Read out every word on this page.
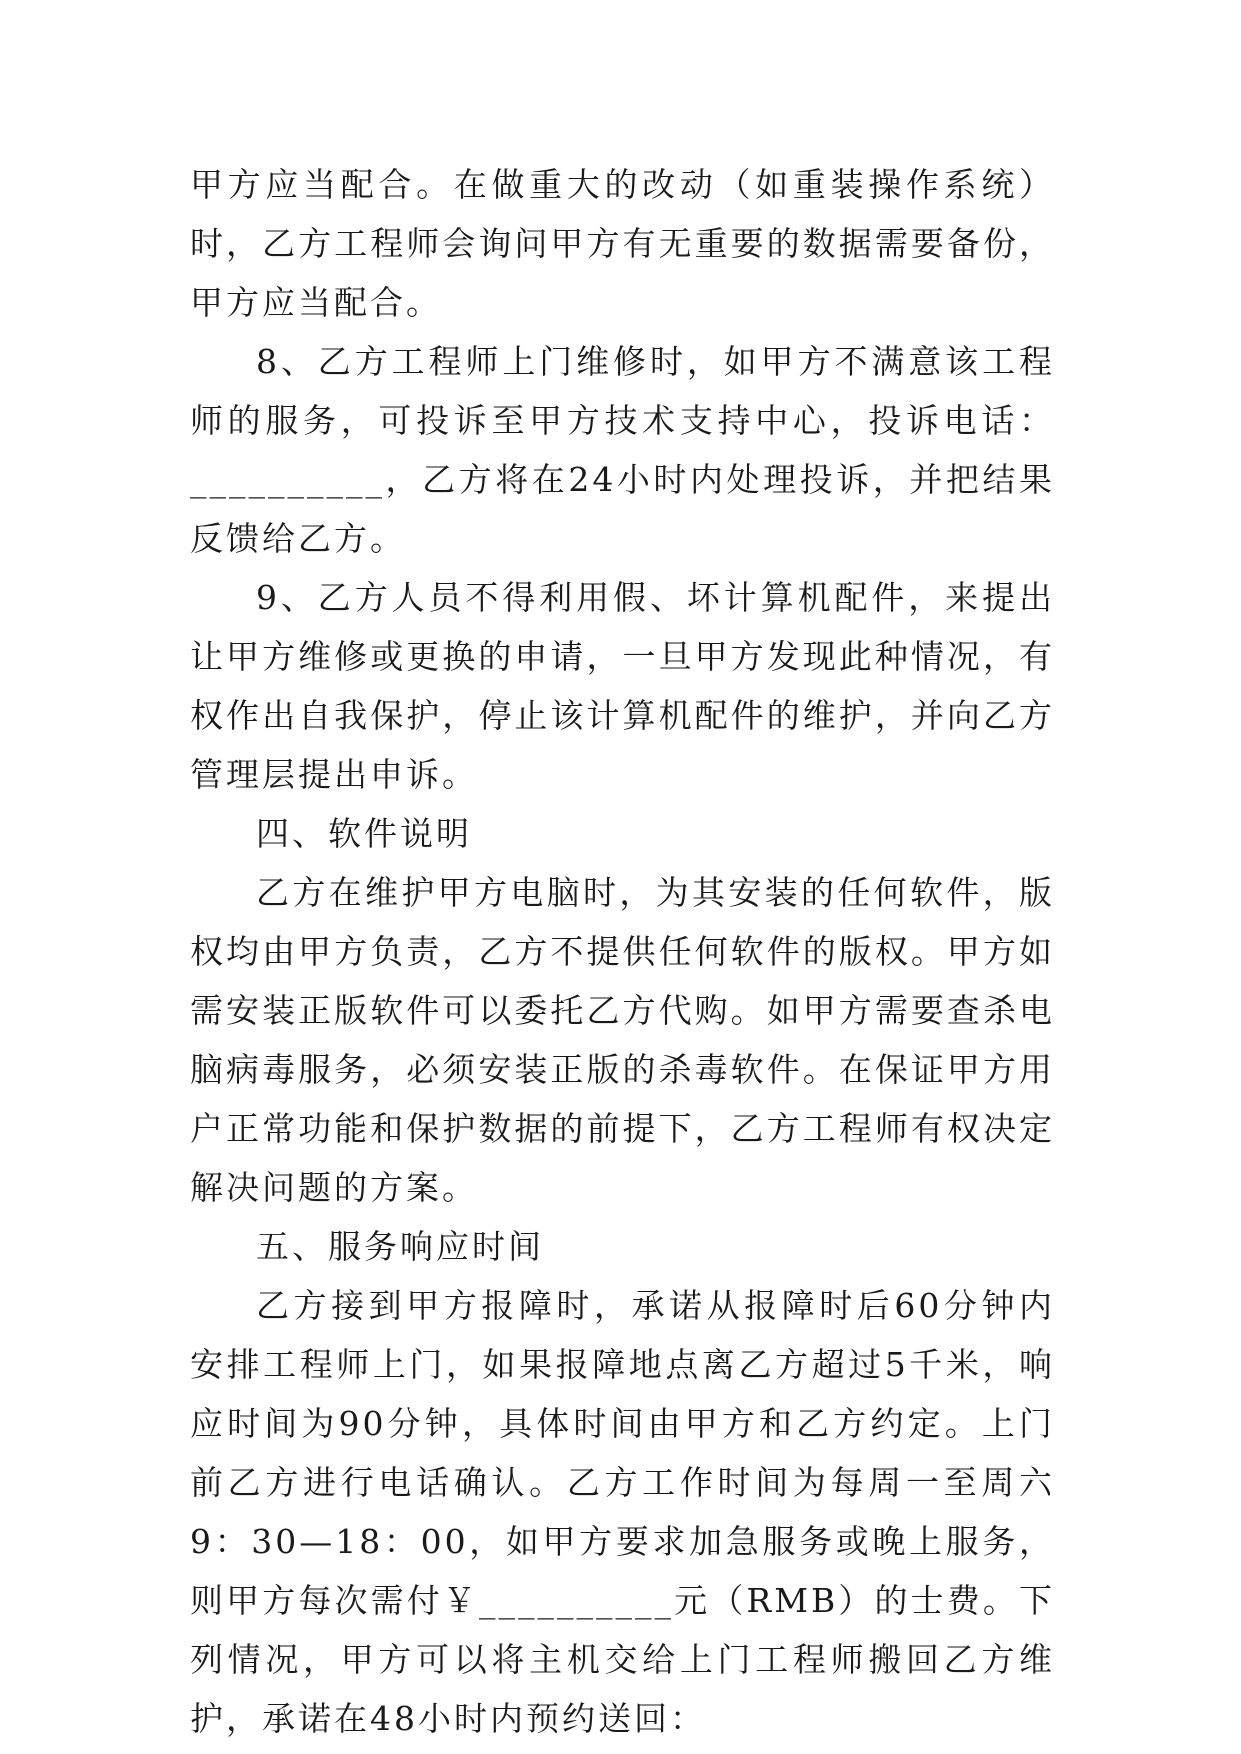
甲方应当配合。在做重大的改动（如重装操作系统）时，乙方工程师会询问甲方有无重要的数据需要备份，甲方应当配合。

8、乙方工程师上门维修时，如甲方不满意该工程师的服务，可投诉至甲方技术支持中心，投诉电话：__________，乙方将在24小时内处理投诉，并把结果反馈给乙方。

9、乙方人员不得利用假、坏计算机配件，来提出让甲方维修或更换的申请，一旦甲方发现此种情况，有权作出自我保护，停止该计算机配件的维护，并向乙方管理层提出申诉。

四、软件说明

乙方在维护甲方电脑时，为其安装的任何软件，版权均由甲方负责，乙方不提供任何软件的版权。甲方如需安装正版软件可以委托乙方代购。如甲方需要查杀电脑病毒服务，必须安装正版的杀毒软件。在保证甲方用户正常功能和保护数据的前提下，乙方工程师有权决定解决问题的方案。

五、服务响应时间

乙方接到甲方报障时，承诺从报障时后60分钟内安排工程师上门，如果报障地点离乙方超过5千米，响应时间为90分钟，具体时间由甲方和乙方约定。上门前乙方进行电话确认。乙方工作时间为每周一至周六9：30—18：00，如甲方要求加急服务或晚上服务，则甲方每次需付￥__________元（RMB）的士费。下列情况，甲方可以将主机交给上门工程师搬回乙方维护，承诺在48小时内预约送回：
